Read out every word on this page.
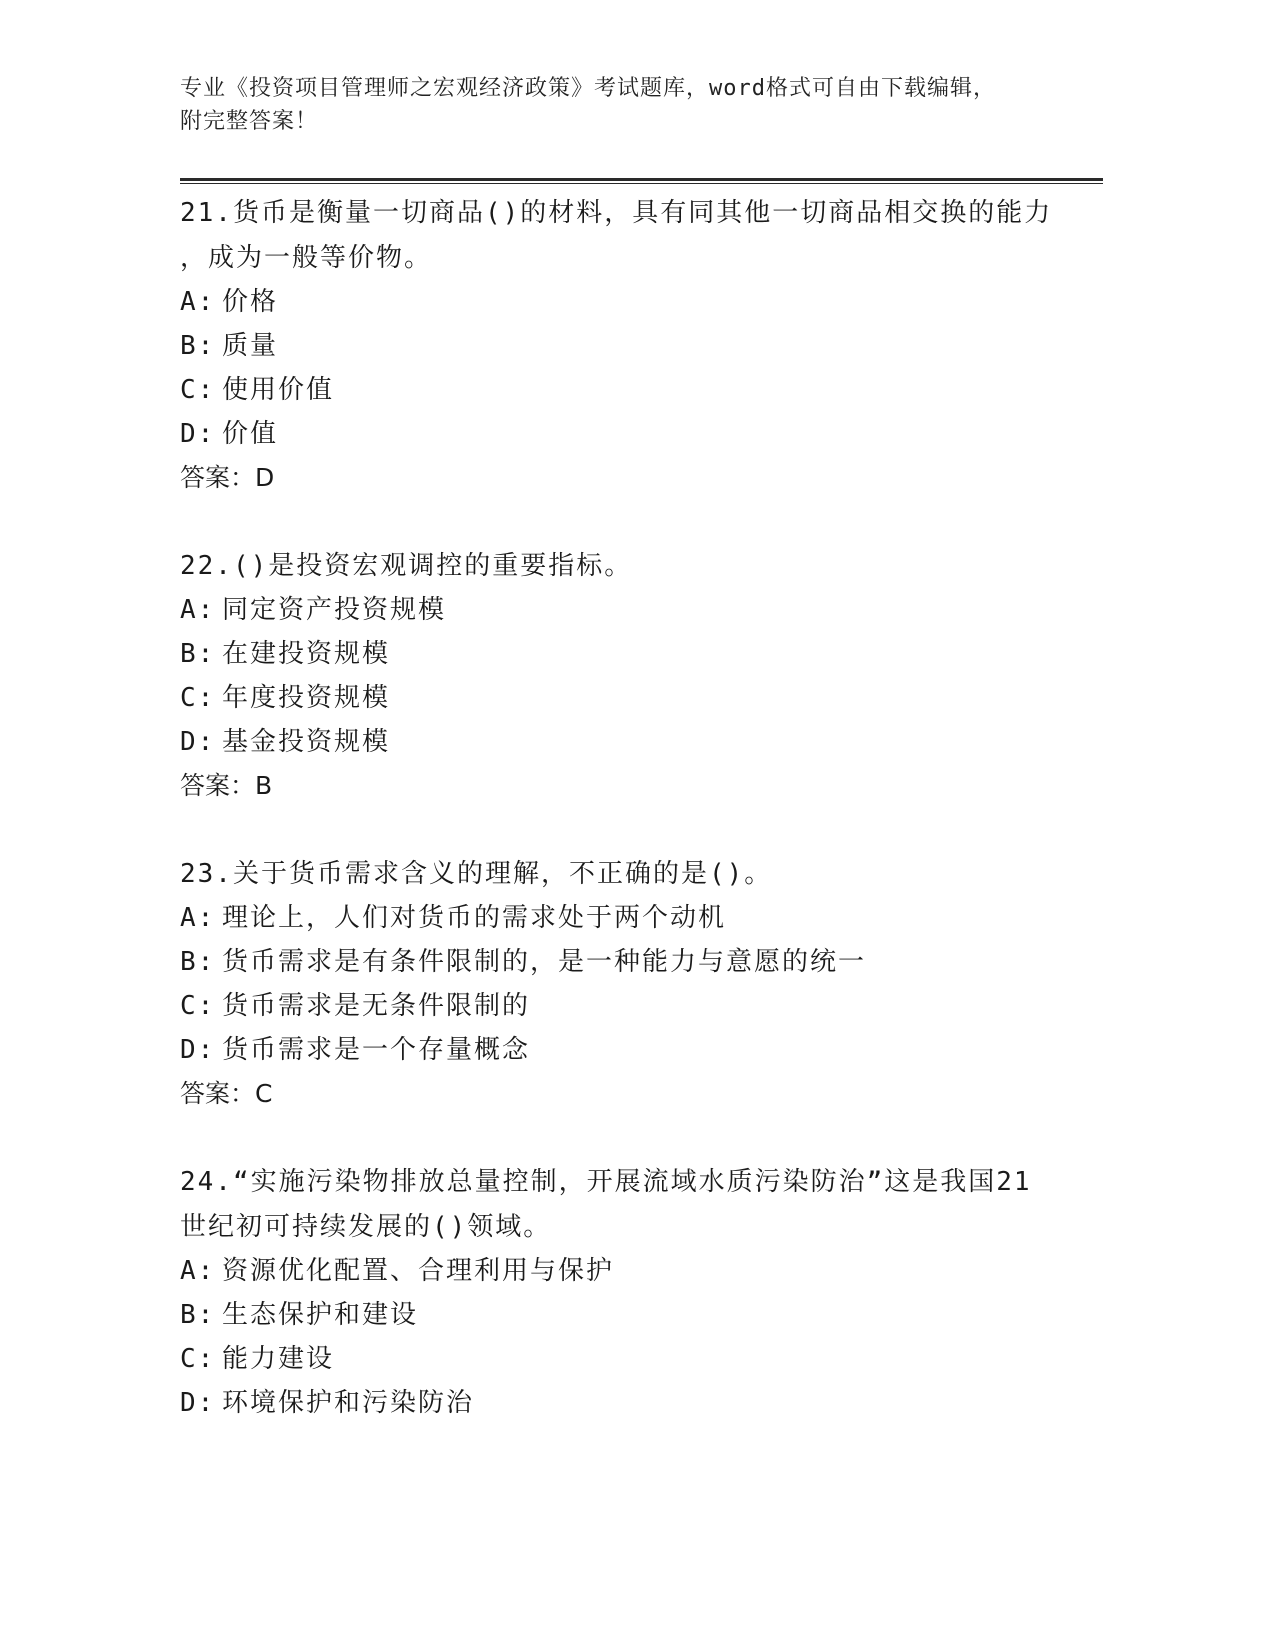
专业《投资项目管理师之宏观经济政策》考试题库，word格式可自由下载编辑，
附完整答案！

21.货币是衡量一切商品()的材料，具有同其他一切商品相交换的能力

，成为一般等价物。

A: 价格

B: 质量

C: 使用价值

D: 价值

答案：D

22.()是投资宏观调控的重要指标。

A: 同定资产投资规模

B: 在建投资规模

C: 年度投资规模

D: 基金投资规模

答案：B

23.关于货币需求含义的理解，不正确的是()。

A: 理论上，人们对货币的需求处于两个动机

B: 货币需求是有条件限制的，是一种能力与意愿的统一

C: 货币需求是无条件限制的

D: 货币需求是一个存量概念

答案：C

24.“实施污染物排放总量控制，开展流域水质污染防治”这是我国21

世纪初可持续发展的()领域。

A: 资源优化配置、合理利用与保护

B: 生态保护和建设

C: 能力建设

D: 环境保护和污染防治
